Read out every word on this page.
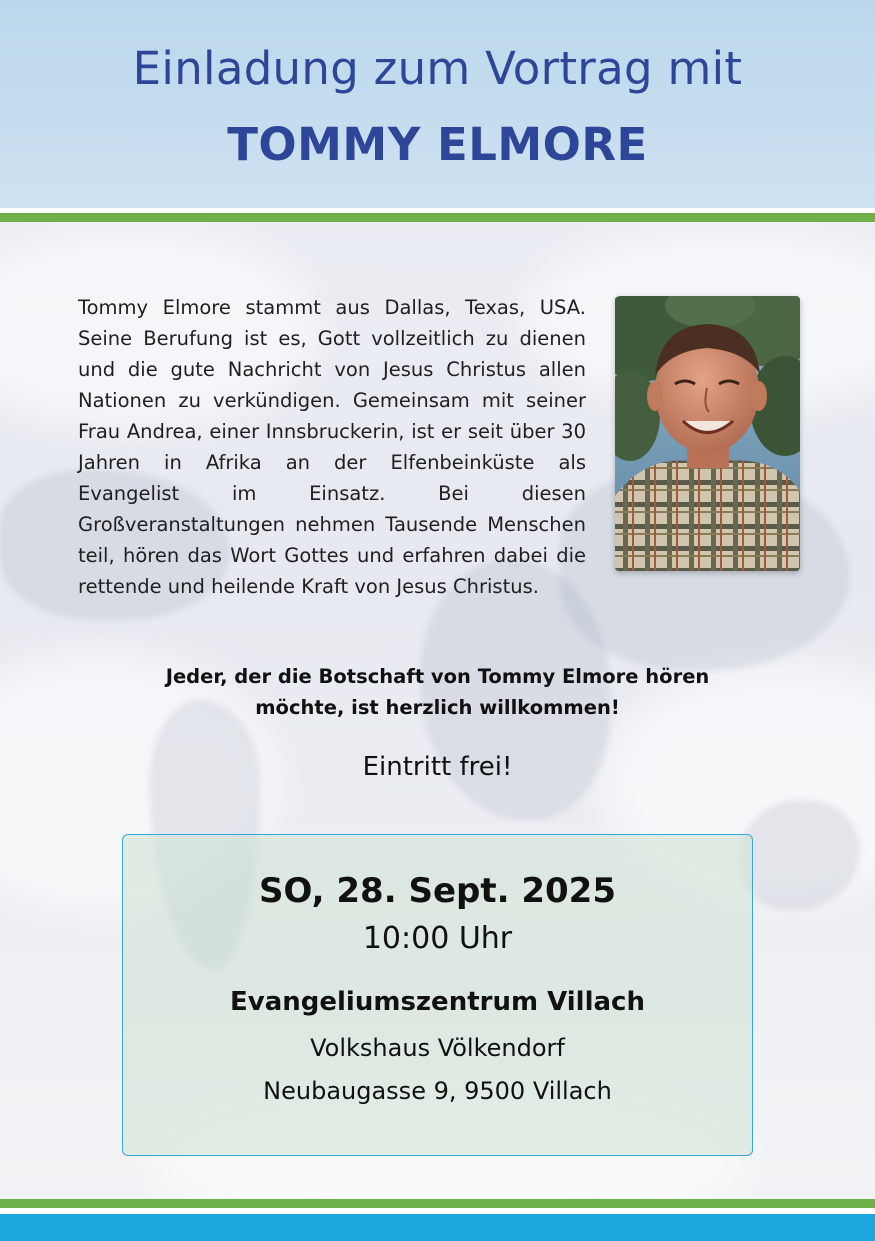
Einladung zum Vortrag mit
TOMMY ELMORE
Tommy Elmore stammt aus Dallas, Texas, USA. Seine Berufung ist es, Gott vollzeitlich zu dienen und die gute Nachricht von Jesus Christus allen Nationen zu verkündigen. Gemeinsam mit seiner Frau Andrea, einer Innsbruckerin, ist er seit über 30 Jahren in Afrika an der Elfenbeinküste als Evangelist im Einsatz. Bei diesen Großveranstaltungen nehmen Tausende Menschen teil, hören das Wort Gottes und erfahren dabei die rettende und heilende Kraft von Jesus Christus.
Jeder, der die Botschaft von Tommy Elmore hören
möchte, ist herzlich willkommen!
Eintritt frei!
SO, 28. Sept. 2025
10:00 Uhr
Evangeliumszentrum Villach
Volkshaus Völkendorf
Neubaugasse 9, 9500 Villach
